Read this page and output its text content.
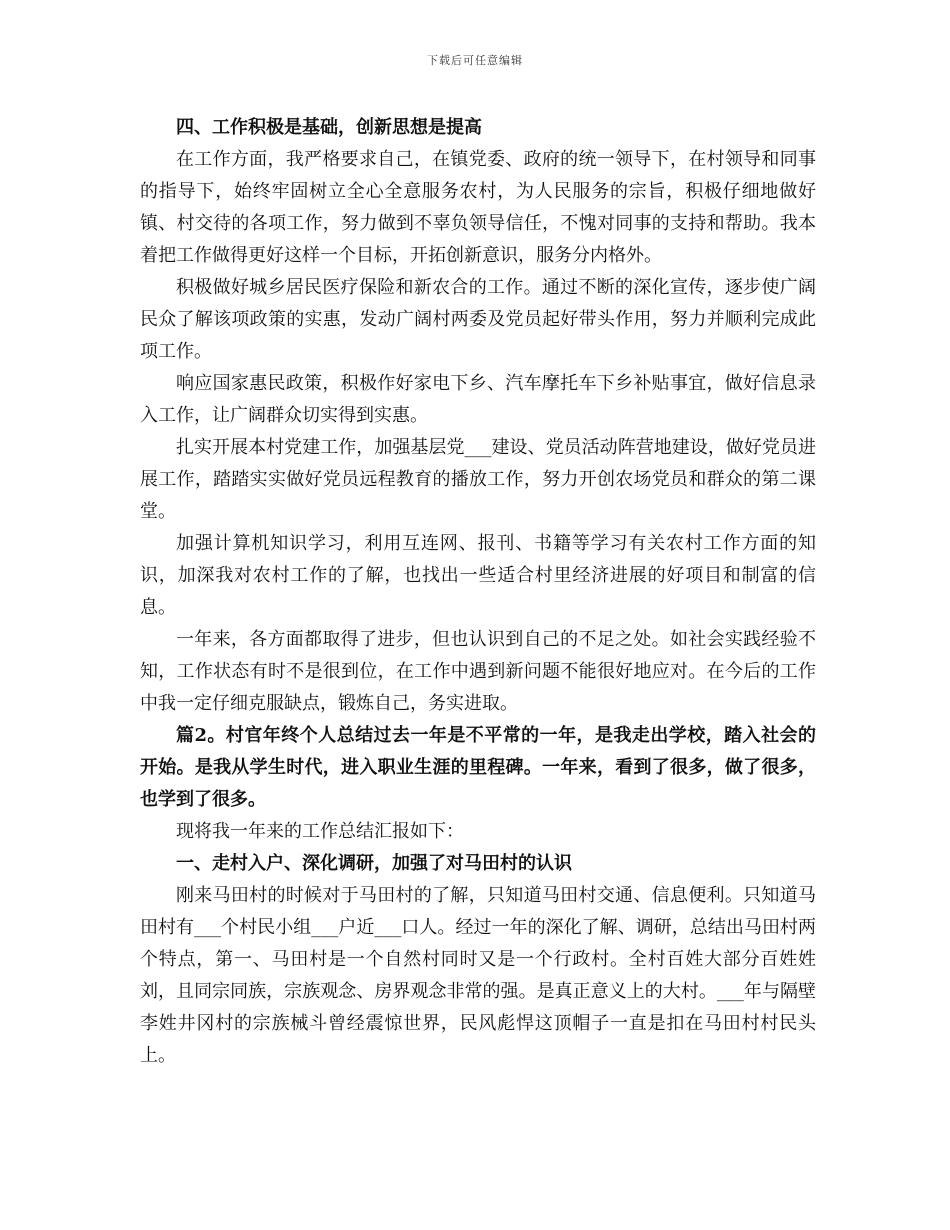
下载后可任意编辑

四、工作积极是基础，创新思想是提高

在工作方面，我严格要求自己，在镇党委、政府的统一领导下，在村领导和同事的指导下，始终牢固树立全心全意服务农村，为人民服务的宗旨，积极仔细地做好镇、村交待的各项工作，努力做到不辜负领导信任，不愧对同事的支持和帮助。我本着把工作做得更好这样一个目标，开拓创新意识，服务分内格外。

积极做好城乡居民医疗保险和新农合的工作。通过不断的深化宣传，逐步使广阔民众了解该项政策的实惠，发动广阔村两委及党员起好带头作用，努力并顺利完成此项工作。

响应国家惠民政策，积极作好家电下乡、汽车摩托车下乡补贴事宜，做好信息录入工作，让广阔群众切实得到实惠。

扎实开展本村党建工作，加强基层党___建设、党员活动阵营地建设，做好党员进展工作，踏踏实实做好党员远程教育的播放工作，努力开创农场党员和群众的第二课堂。

加强计算机知识学习，利用互连网、报刊、书籍等学习有关农村工作方面的知识，加深我对农村工作的了解，也找出一些适合村里经济进展的好项目和制富的信息。

一年来，各方面都取得了进步，但也认识到自己的不足之处。如社会实践经验不知，工作状态有时不是很到位，在工作中遇到新问题不能很好地应对。在今后的工作中我一定仔细克服缺点，锻炼自己，务实进取。

篇2。村官年终个人总结过去一年是不平常的一年，是我走出学校，踏入社会的开始。是我从学生时代，进入职业生涯的里程碑。一年来，看到了很多，做了很多，也学到了很多。

现将我一年来的工作总结汇报如下：

一、走村入户、深化调研，加强了对马田村的认识

刚来马田村的时候对于马田村的了解，只知道马田村交通、信息便利。只知道马田村有___个村民小组___户近___口人。经过一年的深化了解、调研，总结出马田村两个特点，第一、马田村是一个自然村同时又是一个行政村。全村百姓大部分百姓姓刘，且同宗同族，宗族观念、房界观念非常的强。是真正意义上的大村。___年与隔壁李姓井冈村的宗族械斗曾经震惊世界，民风彪悍这顶帽子一直是扣在马田村村民头上。
